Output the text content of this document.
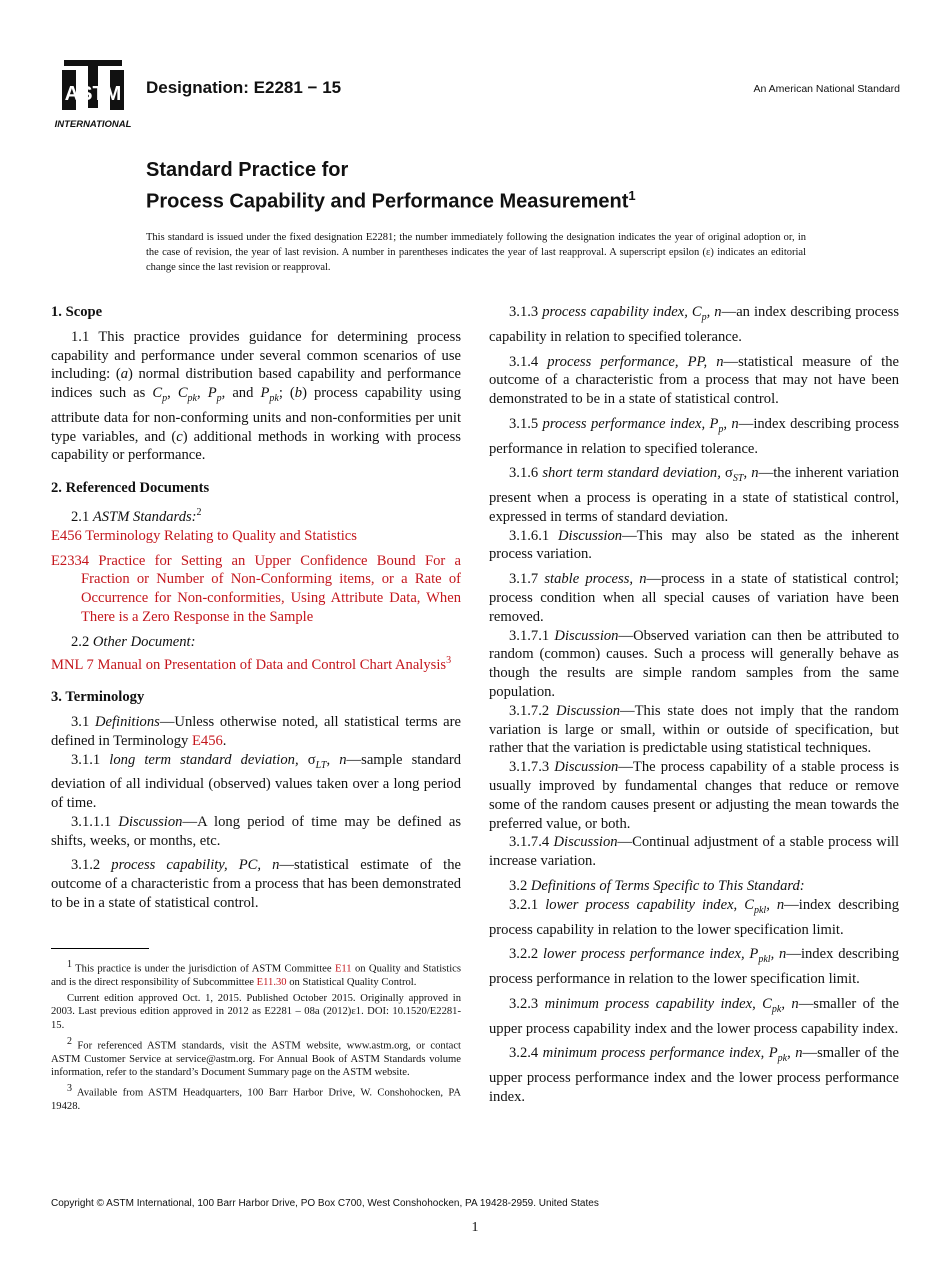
ASTM
INTERNATIONAL
Designation: E2281 − 15	An American National Standard
Standard Practice for
Process Capability and Performance Measurement$^1$
This standard is issued under the fixed designation E2281; the number immediately following the designation indicates the year of original adoption or, in the case of revision, the year of last revision. A number in parentheses indicates the year of last reapproval. A superscript epsilon (ε) indicates an editorial change since the last revision or reapproval.
1. Scope

1.1 This practice provides guidance for determining process capability and performance under several common scenarios of use including: (a) normal distribution based capability and performance indices such as $C_p$, $C_{pk}$, $P_p$, and $P_{pk}$; (b) process capability using attribute data for non-conforming units and non-conformities per unit type variables, and (c) additional methods in working with process capability or performance.

2. Referenced Documents

2.1 ASTM Standards:$^2$

E456 Terminology Relating to Quality and Statistics

E2334 Practice for Setting an Upper Confidence Bound For a Fraction or Number of Non-Conforming items, or a Rate of Occurrence for Non-conformities, Using Attribute Data, When There is a Zero Response in the Sample

2.2 Other Document:

MNL 7 Manual on Presentation of Data and Control Chart Analysis$^3$

3. Terminology

3.1 Definitions—Unless otherwise noted, all statistical terms are defined in Terminology E456.

3.1.1 long term standard deviation, $\sigma_{LT}$, n—sample standard deviation of all individual (observed) values taken over a long period of time.

3.1.1.1 Discussion—A long period of time may be defined as shifts, weeks, or months, etc.

3.1.2 process capability, PC, n—statistical estimate of the outcome of a characteristic from a process that has been demonstrated to be in a state of statistical control.

$^1$ This practice is under the jurisdiction of ASTM Committee E11 on Quality and Statistics and is the direct responsibility of Subcommittee E11.30 on Statistical Quality Control.

Current edition approved Oct. 1, 2015. Published October 2015. Originally approved in 2003. Last previous edition approved in 2012 as E2281 – 08a (2012)ε1. DOI: 10.1520/E2281-15.

$^2$ For referenced ASTM standards, visit the ASTM website, www.astm.org, or contact ASTM Customer Service at service@astm.org. For Annual Book of ASTM Standards volume information, refer to the standard’s Document Summary page on the ASTM website.

$^3$ Available from ASTM Headquarters, 100 Barr Harbor Drive, W. Conshohocken, PA 19428.

3.1.3 process capability index, $C_p$, n—an index describing process capability in relation to specified tolerance.

3.1.4 process performance, PP, n—statistical measure of the outcome of a characteristic from a process that may not have been demonstrated to be in a state of statistical control.

3.1.5 process performance index, $P_p$, n—index describing process performance in relation to specified tolerance.

3.1.6 short term standard deviation, $\sigma_{ST}$, n—the inherent variation present when a process is operating in a state of statistical control, expressed in terms of standard deviation.

3.1.6.1 Discussion—This may also be stated as the inherent process variation.

3.1.7 stable process, n—process in a state of statistical control; process condition when all special causes of variation have been removed.

3.1.7.1 Discussion—Observed variation can then be attributed to random (common) causes. Such a process will generally behave as though the results are simple random samples from the same population.

3.1.7.2 Discussion—This state does not imply that the random variation is large or small, within or outside of specification, but rather that the variation is predictable using statistical techniques.

3.1.7.3 Discussion—The process capability of a stable process is usually improved by fundamental changes that reduce or remove some of the random causes present or adjusting the mean towards the preferred value, or both.

3.1.7.4 Discussion—Continual adjustment of a stable process will increase variation.

3.2 Definitions of Terms Specific to This Standard:

3.2.1 lower process capability index, $C_{pkl}$, n—index describing process capability in relation to the lower specification limit.

3.2.2 lower process performance index, $P_{pkl}$, n—index describing process performance in relation to the lower specification limit.

3.2.3 minimum process capability index, $C_{pk}$, n—smaller of the upper process capability index and the lower process capability index.

3.2.4 minimum process performance index, $P_{pk}$, n—smaller of the upper process performance index and the lower process performance index.

Copyright © ASTM International, 100 Barr Harbor Drive, PO Box C700, West Conshohocken, PA 19428-2959. United States
1
